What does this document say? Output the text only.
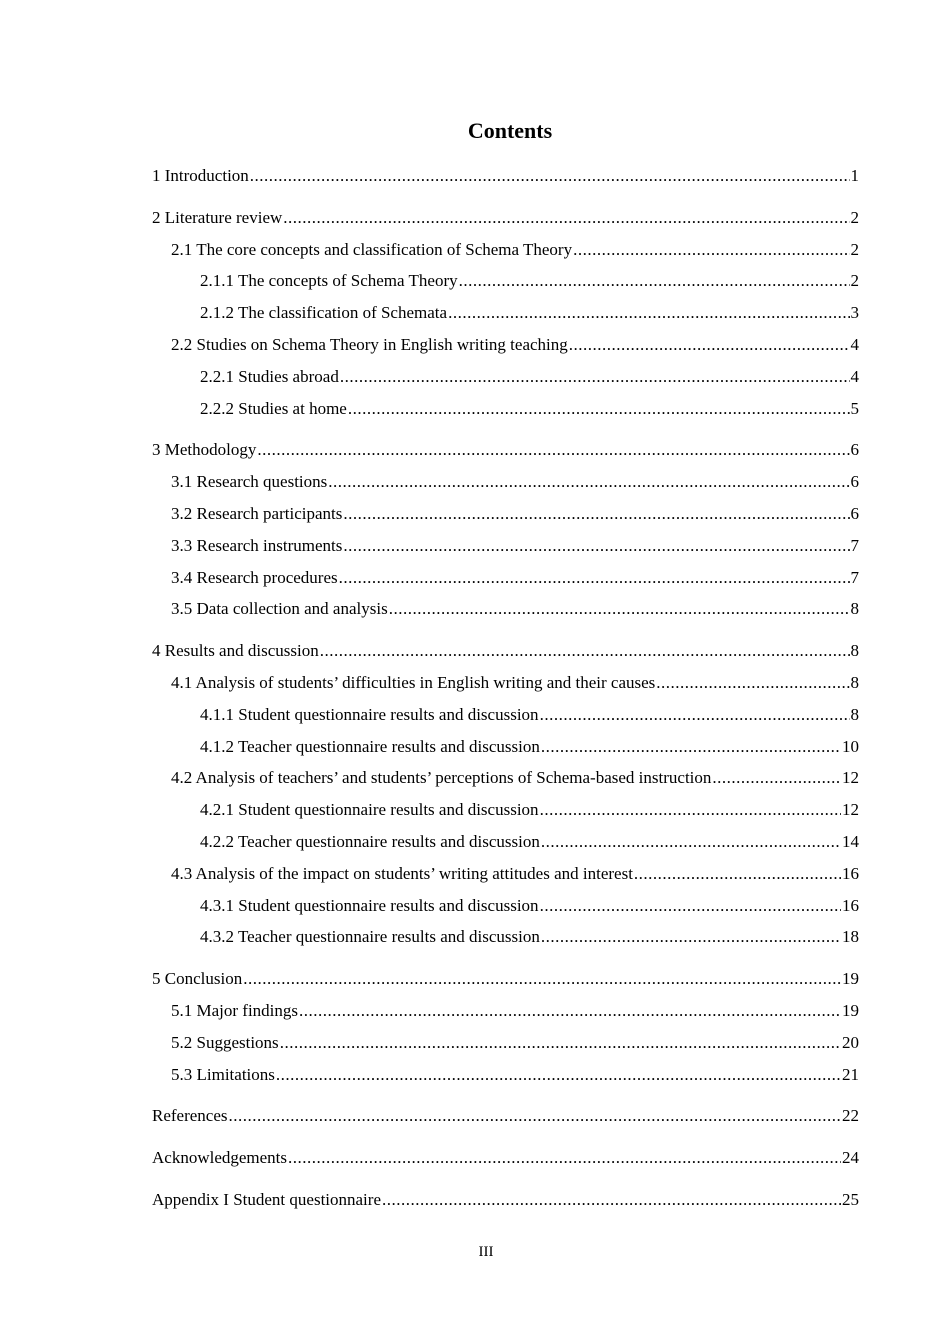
Contents
1 Introduction .....	1
2 Literature review .....	2
2.1 The core concepts and classification of Schema Theory .....	2
2.1.1 The concepts of Schema Theory .....	2
2.1.2 The classification of Schemata .....	3
2.2 Studies on Schema Theory in English writing teaching .....	4
2.2.1 Studies abroad .....	4
2.2.2 Studies at home .....	5
3 Methodology .....	6
3.1 Research questions .....	6
3.2 Research participants .....	6
3.3 Research instruments .....	7
3.4 Research procedures .....	7
3.5 Data collection and analysis .....	8
4 Results and discussion .....	8
4.1 Analysis of students’ difficulties in English writing and their causes .....	8
4.1.1 Student questionnaire results and discussion .....	8
4.1.2 Teacher questionnaire results and discussion .....	10
4.2 Analysis of teachers’ and students’ perceptions of Schema-based instruction .....	12
4.2.1 Student questionnaire results and discussion .....	12
4.2.2 Teacher questionnaire results and discussion .....	14
4.3 Analysis of the impact on students’ writing attitudes and interest .....	16
4.3.1 Student questionnaire results and discussion .....	16
4.3.2 Teacher questionnaire results and discussion .....	18
5 Conclusion .....	19
5.1 Major findings .....	19
5.2 Suggestions .....	20
5.3 Limitations .....	21
References .....	22
Acknowledgements .....	24
Appendix I Student questionnaire .....	25
III
